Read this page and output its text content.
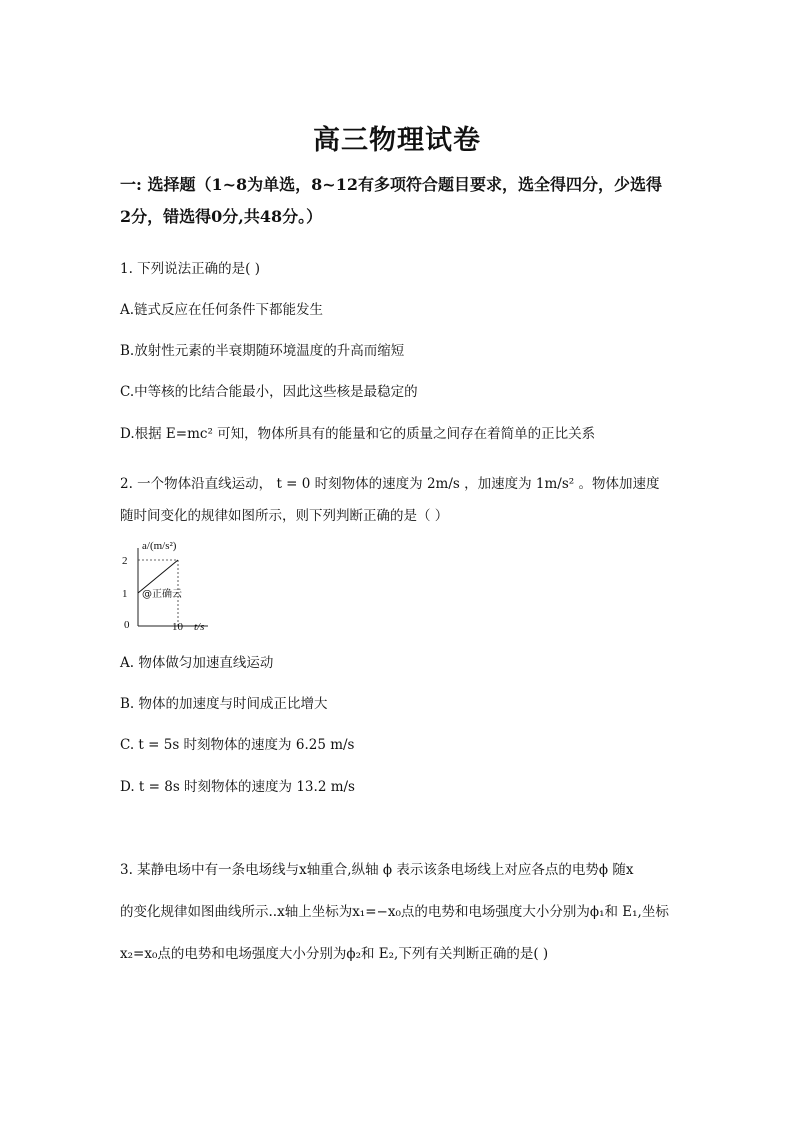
高三物理试卷
一: 选择题（1~8为单选，8~12有多项符合题目要求，选全得四分，少选得
2分，错选得0分,共48分。）
1. 下列说法正确的是( )
A.链式反应在任何条件下都能发生
B.放射性元素的半衰期随环境温度的升高而缩短
C.中等核的比结合能最小，因此这些核是最稳定的
D.根据 E=mc² 可知，物体所具有的能量和它的质量之间存在着简单的正比关系
2. 一个物体沿直线运动， t = 0 时刻物体的速度为 2m/s ，加速度为 1m/s² 。物体加速度
随时间变化的规律如图所示，则下列判断正确的是（ ）
a/(m/s²)
2
1
0	10 t/s
@正确云
A. 物体做匀加速直线运动
B. 物体的加速度与时间成正比增大
C. t = 5s 时刻物体的速度为 6.25 m/s
D. t = 8s 时刻物体的速度为 13.2 m/s
3. 某静电场中有一条电场线与x轴重合,纵轴 ϕ 表示该条电场线上对应各点的电势ϕ 随x
的变化规律如图曲线所示..x轴上坐标为x₁=−x₀点的电势和电场强度大小分别为ϕ₁和 E₁,坐标
x₂=x₀点的电势和电场强度大小分别为ϕ₂和 E₂,下列有关判断正确的是( )
